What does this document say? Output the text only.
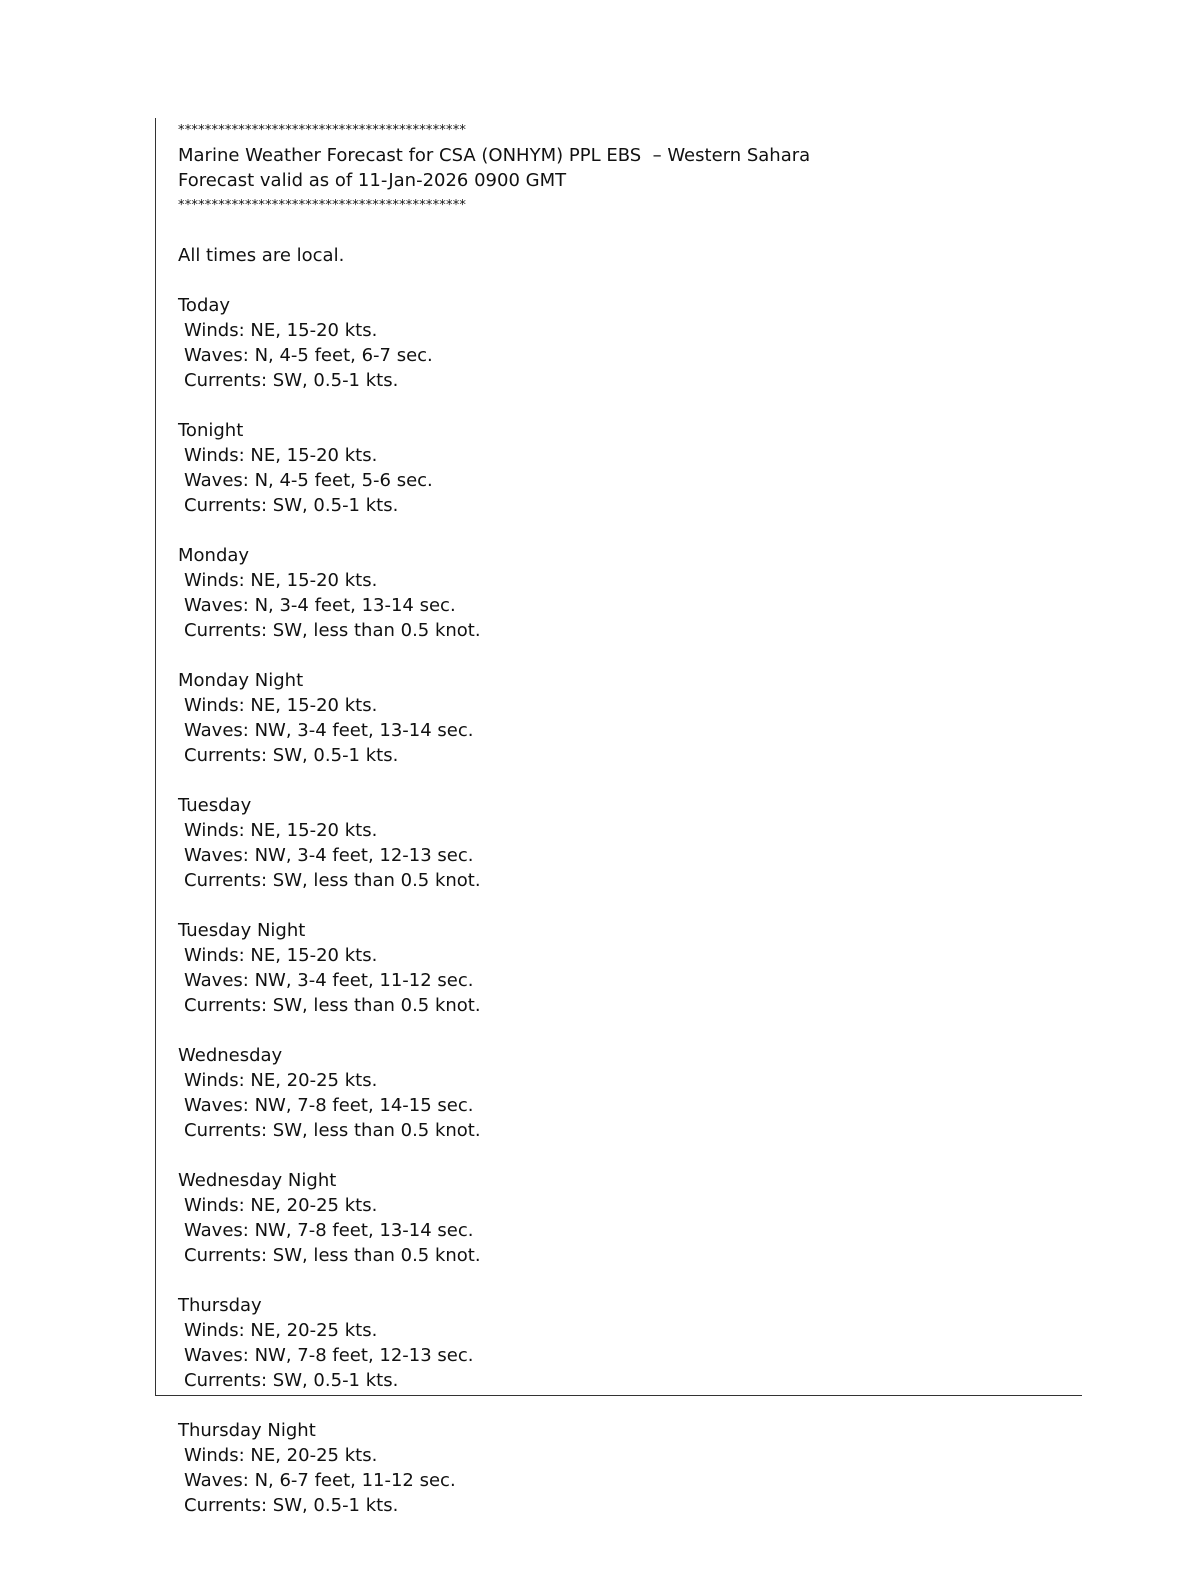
*******************************************
Marine Weather Forecast for CSA (ONHYM) PPL EBS  – Western Sahara
Forecast valid as of 11-Jan-2026 0900 GMT
*******************************************
All times are local.
Today
Winds: NE, 15-20 kts.
Waves: N, 4-5 feet, 6-7 sec.
Currents: SW, 0.5-1 kts.
Tonight
Winds: NE, 15-20 kts.
Waves: N, 4-5 feet, 5-6 sec.
Currents: SW, 0.5-1 kts.
Monday
Winds: NE, 15-20 kts.
Waves: N, 3-4 feet, 13-14 sec.
Currents: SW, less than 0.5 knot.
Monday Night
Winds: NE, 15-20 kts.
Waves: NW, 3-4 feet, 13-14 sec.
Currents: SW, 0.5-1 kts.
Tuesday
Winds: NE, 15-20 kts.
Waves: NW, 3-4 feet, 12-13 sec.
Currents: SW, less than 0.5 knot.
Tuesday Night
Winds: NE, 15-20 kts.
Waves: NW, 3-4 feet, 11-12 sec.
Currents: SW, less than 0.5 knot.
Wednesday
Winds: NE, 20-25 kts.
Waves: NW, 7-8 feet, 14-15 sec.
Currents: SW, less than 0.5 knot.
Wednesday Night
Winds: NE, 20-25 kts.
Waves: NW, 7-8 feet, 13-14 sec.
Currents: SW, less than 0.5 knot.
Thursday
Winds: NE, 20-25 kts.
Waves: NW, 7-8 feet, 12-13 sec.
Currents: SW, 0.5-1 kts.
Thursday Night
Winds: NE, 20-25 kts.
Waves: N, 6-7 feet, 11-12 sec.
Currents: SW, 0.5-1 kts.
